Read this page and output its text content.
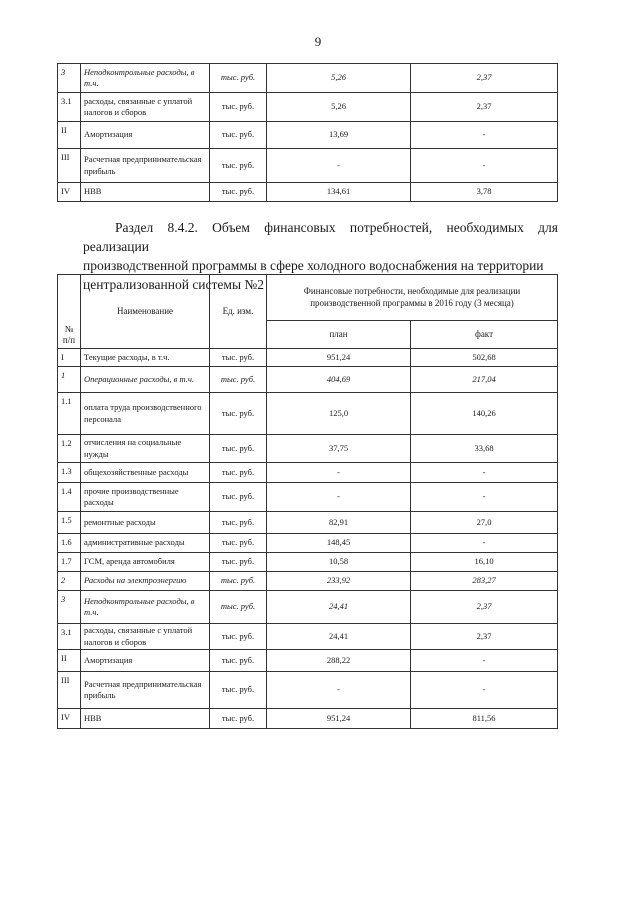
9
3	Неподконтрольные расходы, в т.ч.	тыс. руб.	5,26	2,37
3.1	расходы, связанные с уплатой налогов и сборов	тыс. руб.	5,26	2,37
II	Амортизация	тыс. руб.	13,69	-
III	Расчетная предпринимательская прибыль	тыс. руб.	-	-
IV	НВВ	тыс. руб.	134,61	3,78
Раздел 8.4.2. Объем финансовых потребностей, необходимых для реализации
производственной программы в сфере холодного водоснабжения на территории
централизованной системы №2
№ п/п	Наименование	Ед. изм.	Финансовые потребности, необходимые для реализации производственной программы в 2016 году (3 месяца)	
			план	факт
I	Текущие расходы, в т.ч.	тыс. руб.	951,24	502,68
1	Операционные расходы, в т.ч.	тыс. руб.	404,69	217,04
1.1	оплата труда производственного персонала	тыс. руб.	125,0	140,26
1.2	отчисления на социальные нужды	тыс. руб.	37,75	33,68
1.3	общехозяйственные расходы	тыс. руб.	-	-
1.4	прочие производственные расходы	тыс. руб.	-	-
1.5	ремонтные расходы	тыс. руб.	82,91	27,0
1.6	административные расходы	тыс. руб.	148,45	-
1.7	ГСМ, аренда автомобиля	тыс. руб.	10,58	16,10
2	Расходы на электроэнергию	тыс. руб.	233,92	283,27
3	Неподконтрольные расходы, в т.ч.	тыс. руб.	24,41	2,37
3.1	расходы, связанные с уплатой налогов и сборов	тыс. руб.	24,41	2,37
II	Амортизация	тыс. руб.	288,22	-
III	Расчетная предпринимательская прибыль	тыс. руб.	-	-
IV	НВВ	тыс. руб.	951,24	811,56
